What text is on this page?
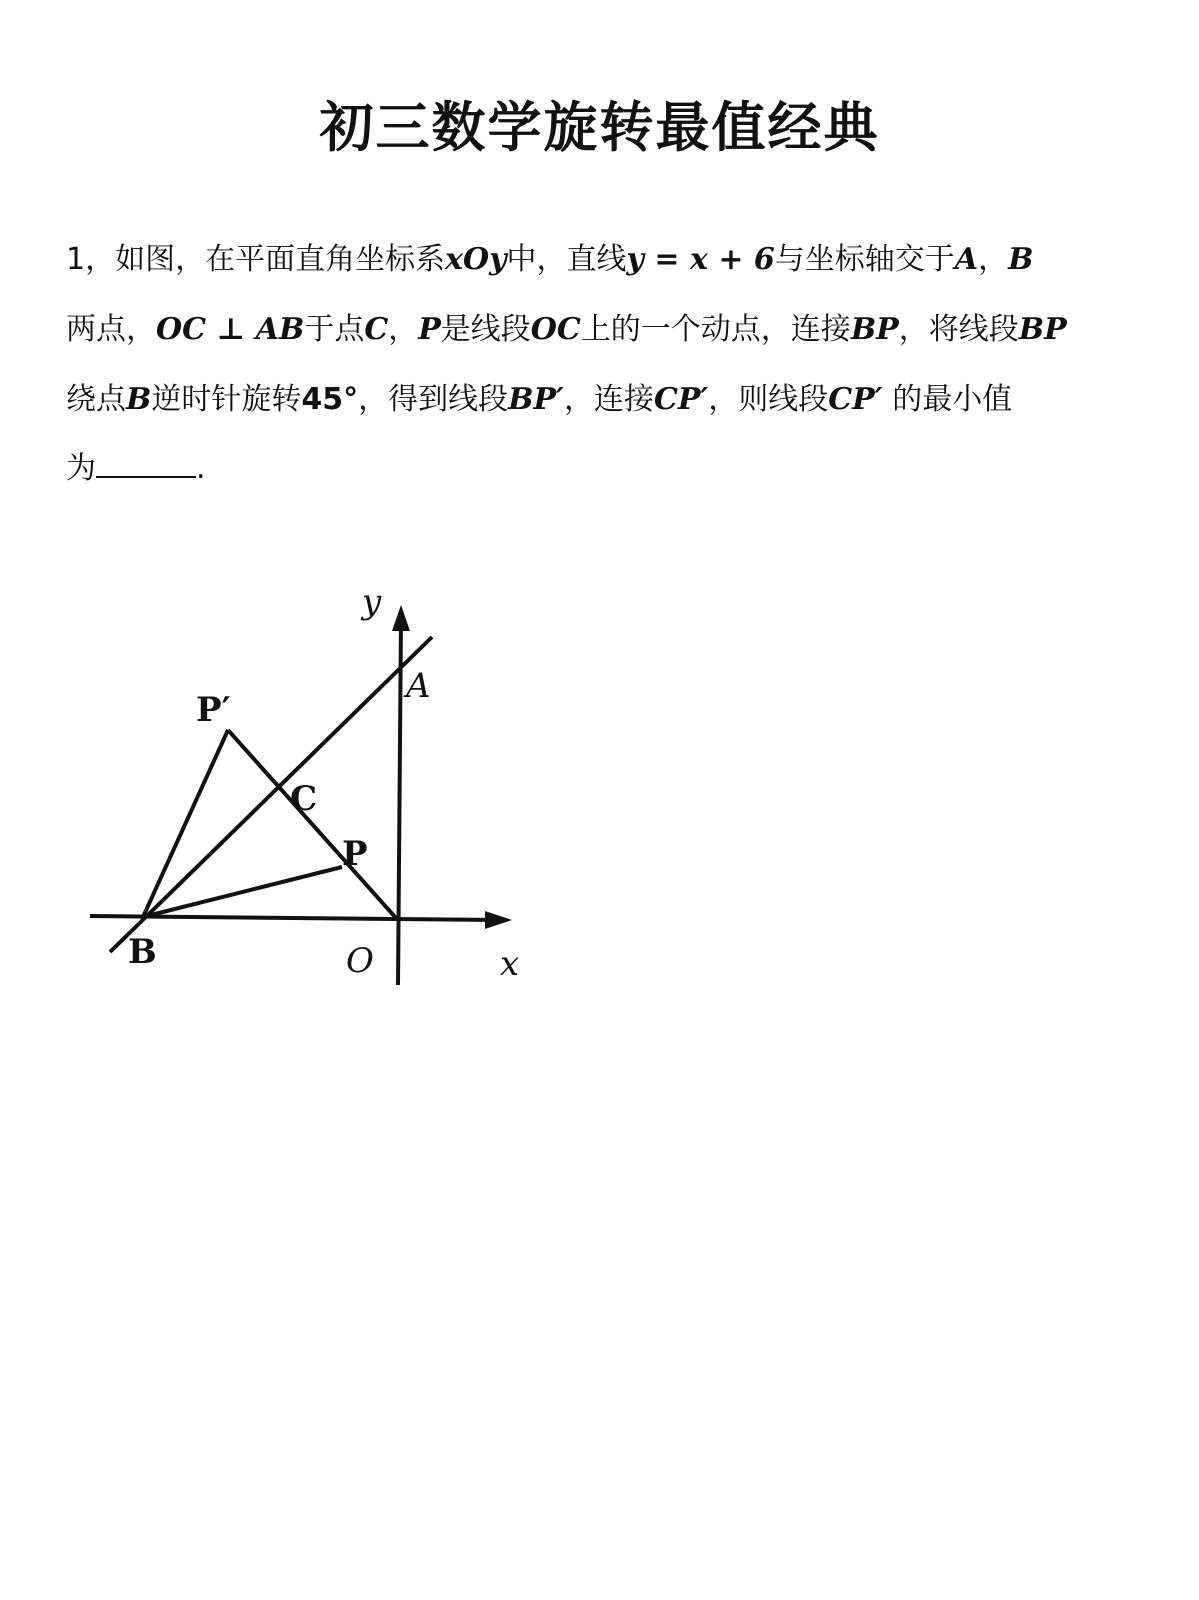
初三数学旋转最值经典
1，如图，在平面直角坐标系xOy中，直线y = x + 6与坐标轴交于A，B
两点，OC ⊥ AB于点C，P是线段OC上的一个动点，连接BP，将线段BP
绕点B逆时针旋转45°，得到线段BP′，连接CP′，则线段CP′ 的最小值
为	.
y
x
A
B
C
O
P
P′
